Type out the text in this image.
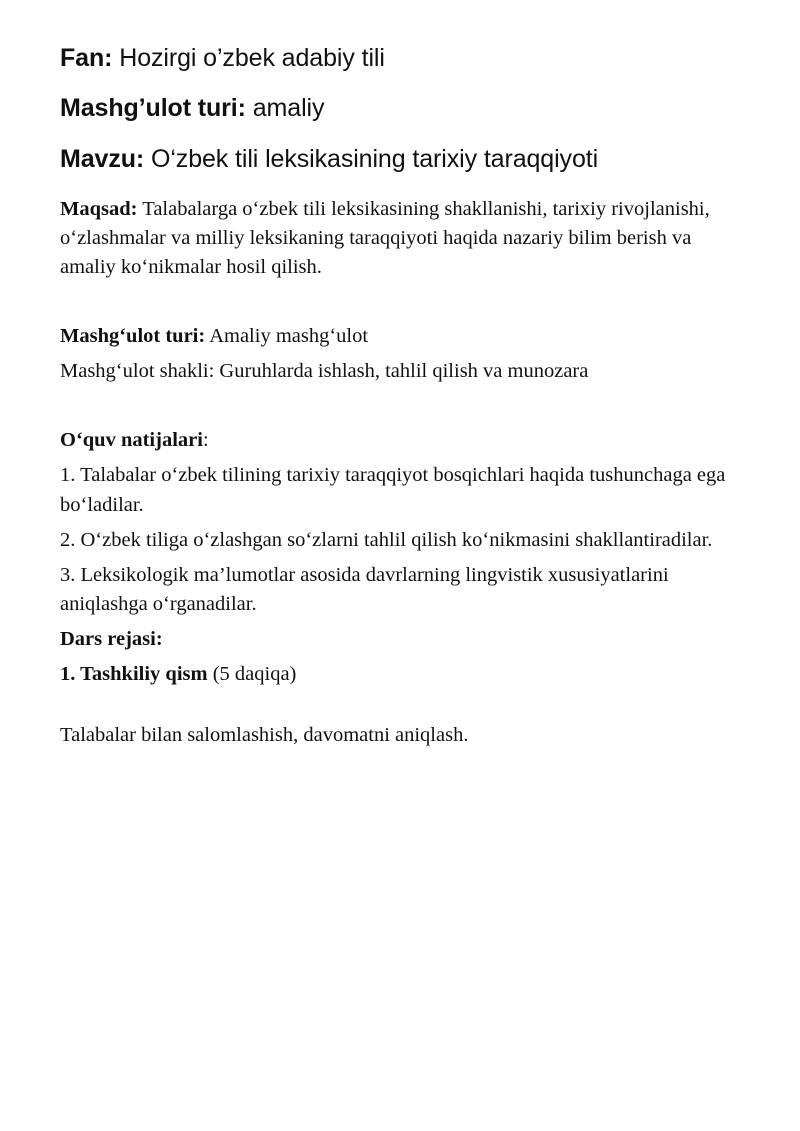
Fan: Hozirgi o’zbek adabiy tili

Mashg’ulot turi: amaliy

Mavzu: O‘zbek tili leksikasining tarixiy taraqqiyoti

Maqsad: Talabalarga o‘zbek tili leksikasining shakllanishi, tarixiy rivojlanishi, o‘zlashmalar va milliy leksikaning taraqqiyoti haqida nazariy bilim berish va amaliy ko‘nikmalar hosil qilish.

Mashg‘ulot turi: Amaliy mashg‘ulot

Mashg‘ulot shakli: Guruhlarda ishlash, tahlil qilish va munozara

O‘quv natijalari:

1. Talabalar o‘zbek tilining tarixiy taraqqiyot bosqichlari haqida tushunchaga ega bo‘ladilar.

2. O‘zbek tiliga o‘zlashgan so‘zlarni tahlil qilish ko‘nikmasini shakllantiradilar.

3. Leksikologik ma’lumotlar asosida davrlarning lingvistik xususiyatlarini aniqlashga o‘rganadilar.

Dars rejasi:

1. Tashkiliy qism (5 daqiqa)

Talabalar bilan salomlashish, davomatni aniqlash.
